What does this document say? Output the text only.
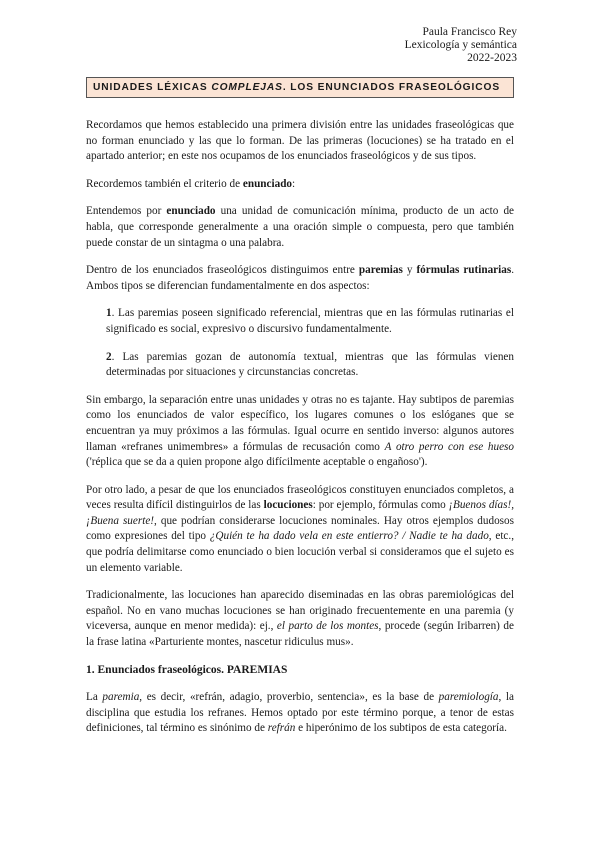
Paula Francisco Rey
Lexicología y semántica
2022-2023
UNIDADES LÉXICAS COMPLEJAS. LOS ENUNCIADOS FRASEOLÓGICOS

Recordamos que hemos establecido una primera división entre las unidades fraseológicas que no forman enunciado y las que lo forman. De las primeras (locuciones) se ha tratado en el apartado anterior; en este nos ocupamos de los enunciados fraseológicos y de sus tipos.

Recordemos también el criterio de enunciado:

Entendemos por enunciado una unidad de comunicación mínima, producto de un acto de habla, que corresponde generalmente a una oración simple o compuesta, pero que también puede constar de un sintagma o una palabra.

Dentro de los enunciados fraseológicos distinguimos entre paremias y fórmulas rutinarias. Ambos tipos se diferencian fundamentalmente en dos aspectos:

1. Las paremias poseen significado referencial, mientras que en las fórmulas rutinarias el significado es social, expresivo o discursivo fundamentalmente.

2. Las paremias gozan de autonomía textual, mientras que las fórmulas vienen determinadas por situaciones y circunstancias concretas.

Sin embargo, la separación entre unas unidades y otras no es tajante. Hay subtipos de paremias como los enunciados de valor específico, los lugares comunes o los eslóganes que se encuentran ya muy próximos a las fórmulas. Igual ocurre en sentido inverso: algunos autores llaman «refranes unimembres» a fórmulas de recusación como A otro perro con ese hueso ('réplica que se da a quien propone algo difícilmente aceptable o engañoso').

Por otro lado, a pesar de que los enunciados fraseológicos constituyen enunciados completos, a veces resulta difícil distinguirlos de las locuciones: por ejemplo, fórmulas como ¡Buenos días!, ¡Buena suerte!, que podrían considerarse locuciones nominales. Hay otros ejemplos dudosos como expresiones del tipo ¿Quién te ha dado vela en este entierro? / Nadie te ha dado, etc., que podría delimitarse como enunciado o bien locución verbal si consideramos que el sujeto es un elemento variable.

Tradicionalmente, las locuciones han aparecido diseminadas en las obras paremiológicas del español. No en vano muchas locuciones se han originado frecuentemente en una paremia (y viceversa, aunque en menor medida): ej., el parto de los montes, procede (según Iribarren) de la frase latina «Parturiente montes, nascetur ridiculus mus».

1. Enunciados fraseológicos. PAREMIAS

La paremia, es decir, «refrán, adagio, proverbio, sentencia», es la base de paremiología, la disciplina que estudia los refranes. Hemos optado por este término porque, a tenor de estas definiciones, tal término es sinónimo de refrán e hiperónimo de los subtipos de esta categoría.
